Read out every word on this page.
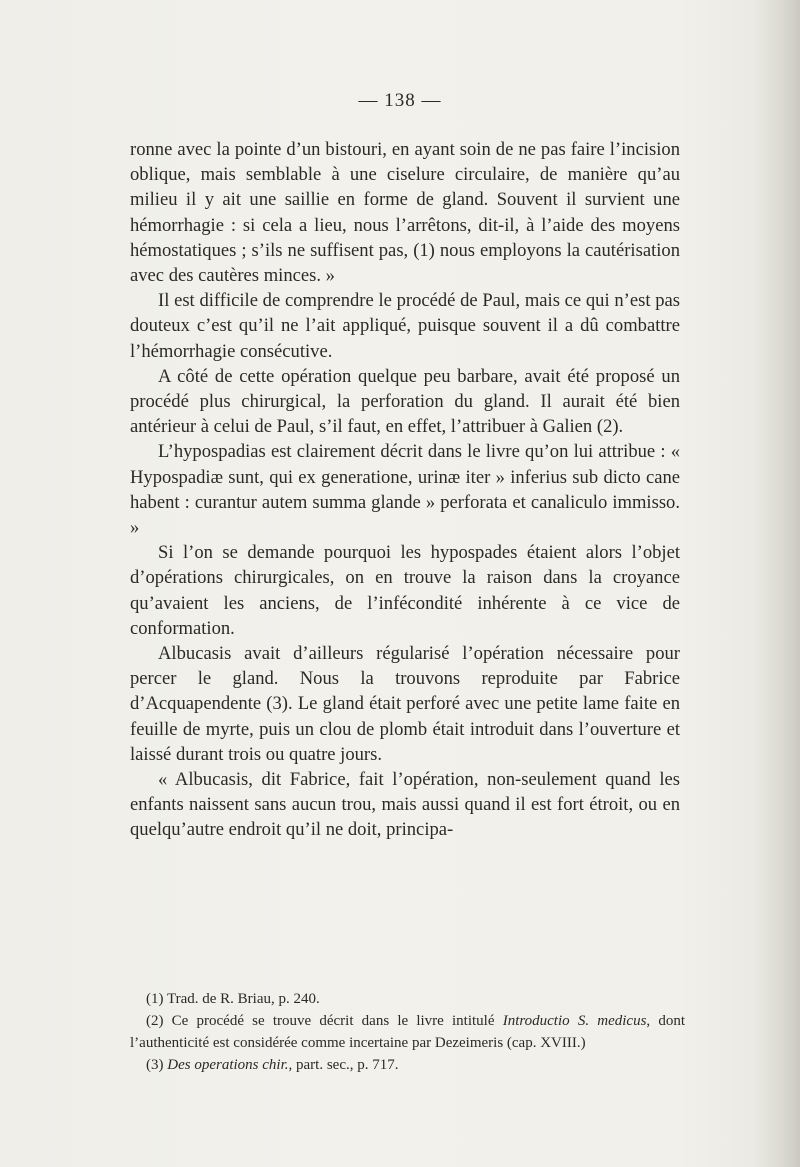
— 138 —

ronne avec la pointe d’un bistouri, en ayant soin de ne pas faire l’incision oblique, mais semblable à une ciselure circulaire, de manière qu’au milieu il y ait une saillie en forme de gland. Souvent il survient une hémorrhagie : si cela a lieu, nous l’arrêtons, dit-il, à l’aide des moyens hémostatiques ; s’ils ne suffisent pas, (1) nous employons la cautérisation avec des cautères minces. »

Il est difficile de comprendre le procédé de Paul, mais ce qui n’est pas douteux c’est qu’il ne l’ait appliqué, puisque souvent il a dû combattre l’hémorrhagie consécutive.

A côté de cette opération quelque peu barbare, avait été proposé un procédé plus chirurgical, la perforation du gland. Il aurait été bien antérieur à celui de Paul, s’il faut, en effet, l’attribuer à Galien (2).

L’hypospadias est clairement décrit dans le livre qu’on lui attribue : « Hypospadiæ sunt, qui ex generatione, urinæ iter » inferius sub dicto cane habent : curantur autem summa glande » perforata et canaliculo immisso. »

Si l’on se demande pourquoi les hypospades étaient alors l’objet d’opérations chirurgicales, on en trouve la raison dans la croyance qu’avaient les anciens, de l’infécondité inhérente à ce vice de conformation.

Albucasis avait d’ailleurs régularisé l’opération nécessaire pour percer le gland. Nous la trouvons reproduite par Fabrice d’Acquapendente (3). Le gland était perforé avec une petite lame faite en feuille de myrte, puis un clou de plomb était introduit dans l’ouverture et laissé durant trois ou quatre jours.

« Albucasis, dit Fabrice, fait l’opération, non-seulement quand les enfants naissent sans aucun trou, mais aussi quand il est fort étroit, ou en quelqu’autre endroit qu’il ne doit, principa-

(1) Trad. de R. Briau, p. 240.

(2) Ce procédé se trouve décrit dans le livre intitulé Introductio S. medicus, dont l’authenticité est considérée comme incertaine par Dezeimeris (cap. XVIII.)

(3) Des operations chir., part. sec., p. 717.
